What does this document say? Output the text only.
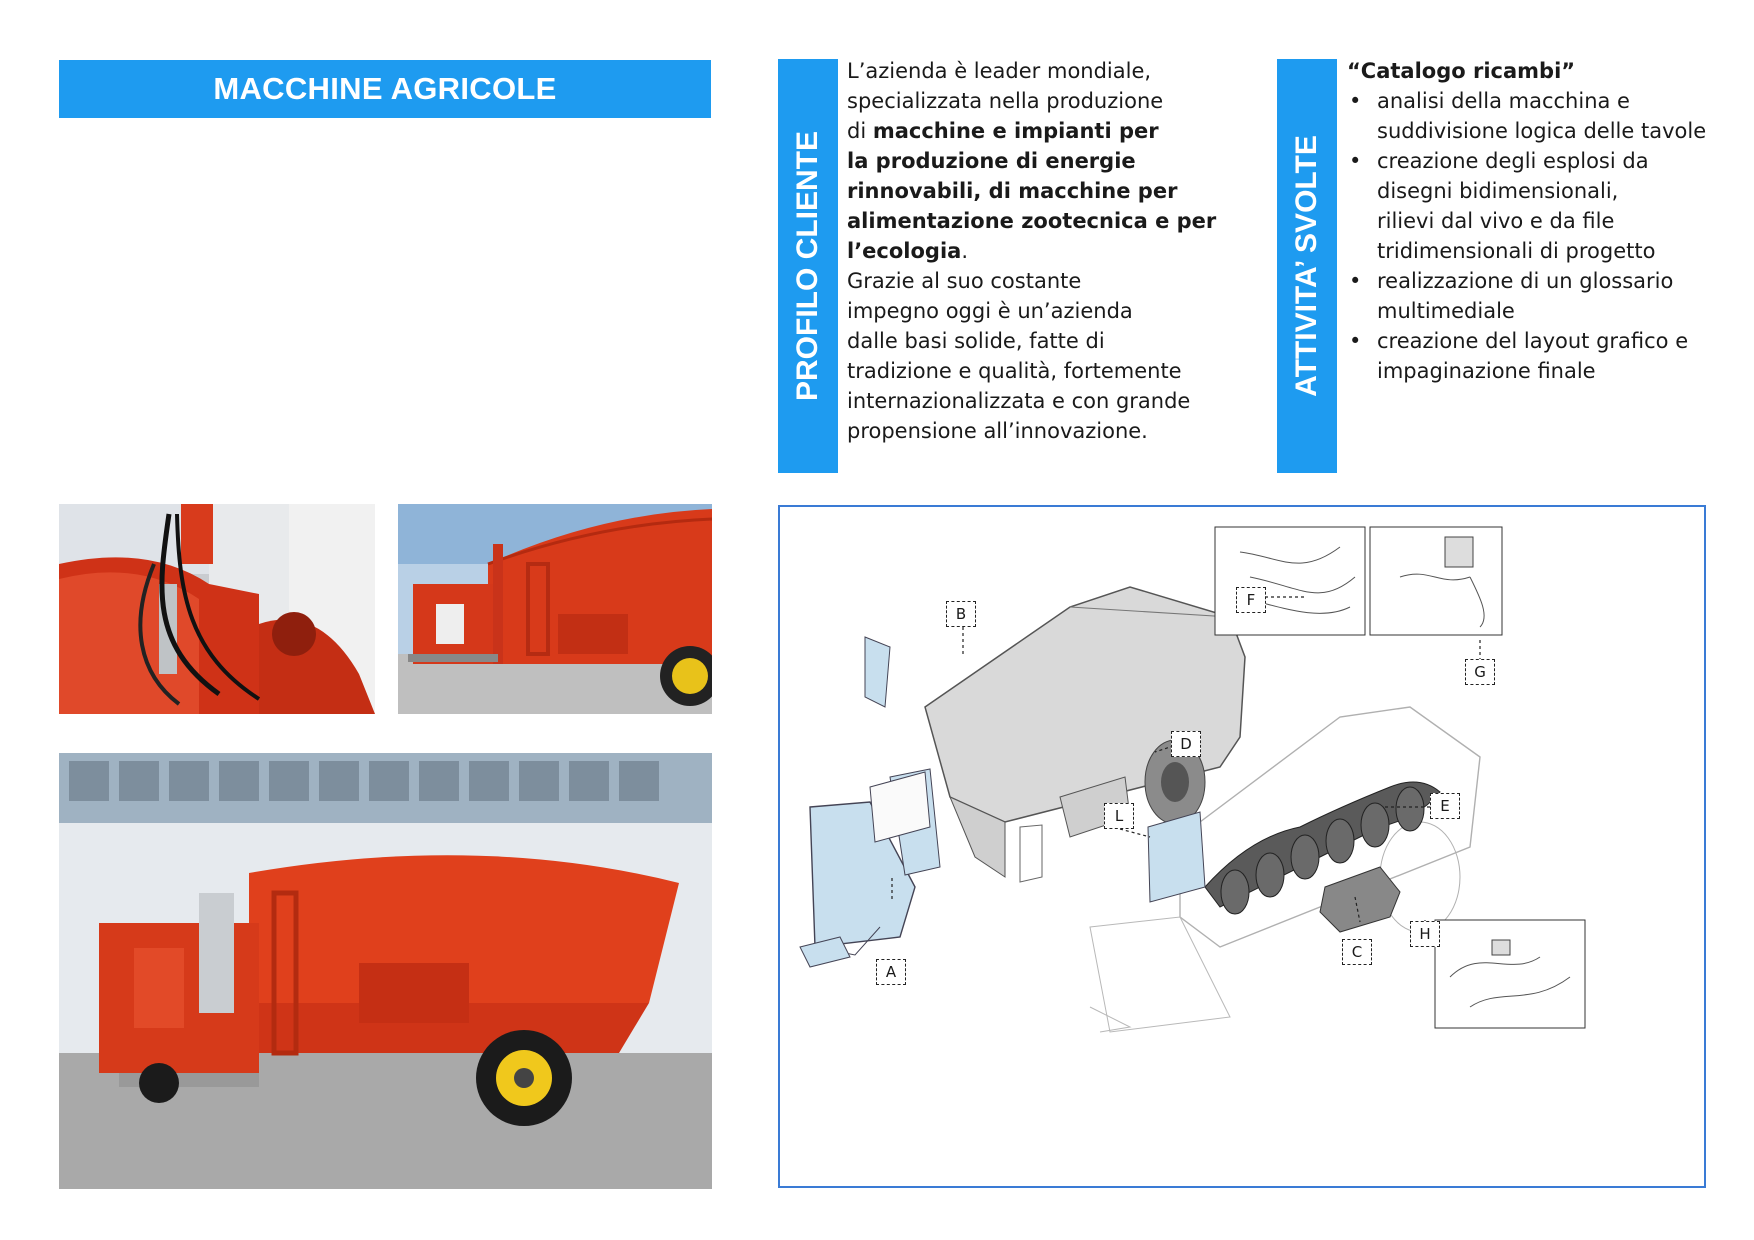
MACCHINE AGRICOLE
PROFILO CLIENTE
L’azienda è leader mondiale,
specializzata nella produzione
di macchine e impianti per
la produzione di energie
rinnovabili, di macchine per
alimentazione zootecnica e per
l’ecologia.
Grazie al suo costante
impegno oggi è un’azienda
dalle basi solide, fatte di
tradizione e qualità, fortemente
internazionalizzata e con grande
propensione all’innovazione.
ATTIVITA’ SVOLTE
“Catalogo ricambi”
• analisi della macchina e
suddivisione logica delle tavole
• creazione degli esplosi da
disegni bidimensionali,
rilievi dal vivo e da file
tridimensionali di progetto
• realizzazione di un glossario
multimediale
• creazione del layout grafico e
impaginazione finale
A
B
C
D
E
F
G
H
L
